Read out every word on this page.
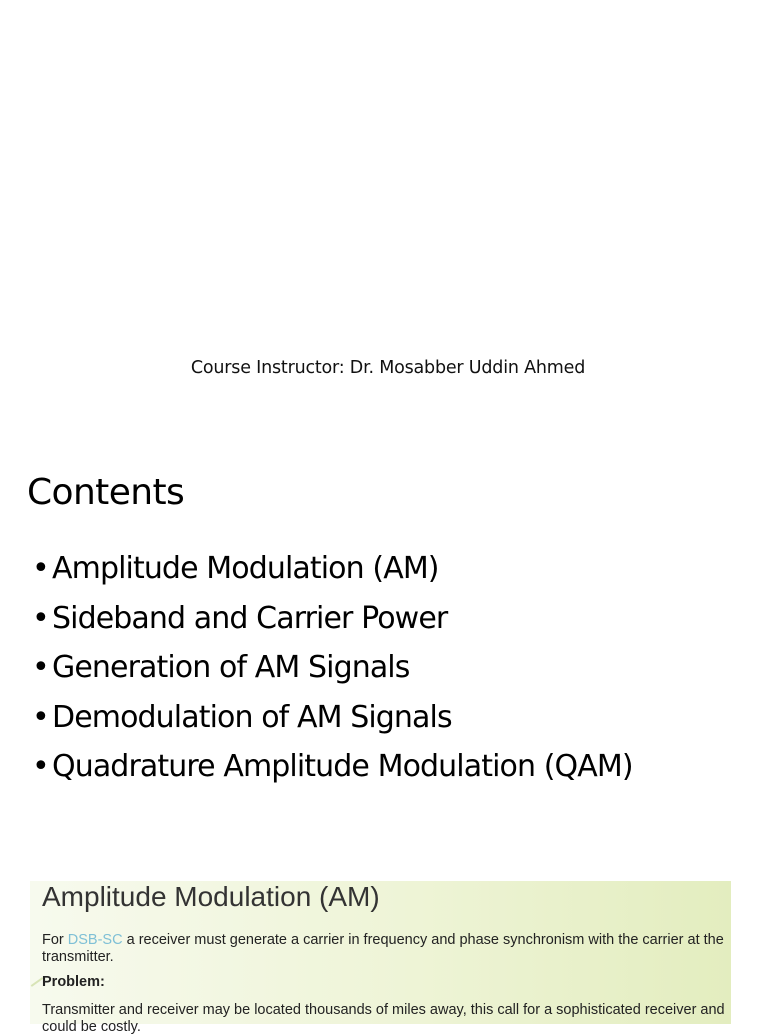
Course Instructor: Dr. Mosabber Uddin Ahmed
Contents
• Amplitude Modulation (AM)
• Sideband and Carrier Power
• Generation of AM Signals
• Demodulation of AM Signals
• Quadrature Amplitude Modulation (QAM)
Amplitude Modulation (AM)
For DSB-SC a receiver must generate a carrier in frequency and phase synchronism with the carrier at the transmitter.
Problem:
Transmitter and receiver may be located thousands of miles away, this call for a sophisticated receiver and could be costly.
